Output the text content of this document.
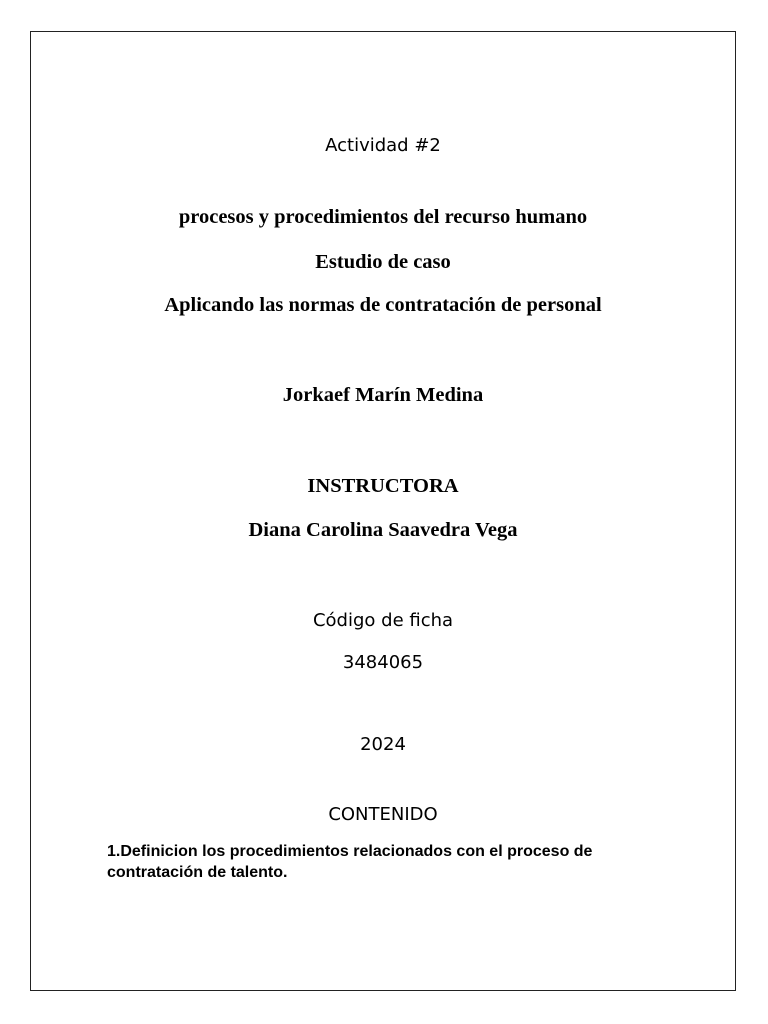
Actividad #2

procesos y procedimientos del recurso humano

Estudio de caso

Aplicando las normas de contratación de personal

Jorkaef Marín Medina

INSTRUCTORA

Diana Carolina Saavedra Vega

Código de ficha

3484065

2024

CONTENIDO

1.Definicion los procedimientos relacionados con el proceso de contratación de talento.
